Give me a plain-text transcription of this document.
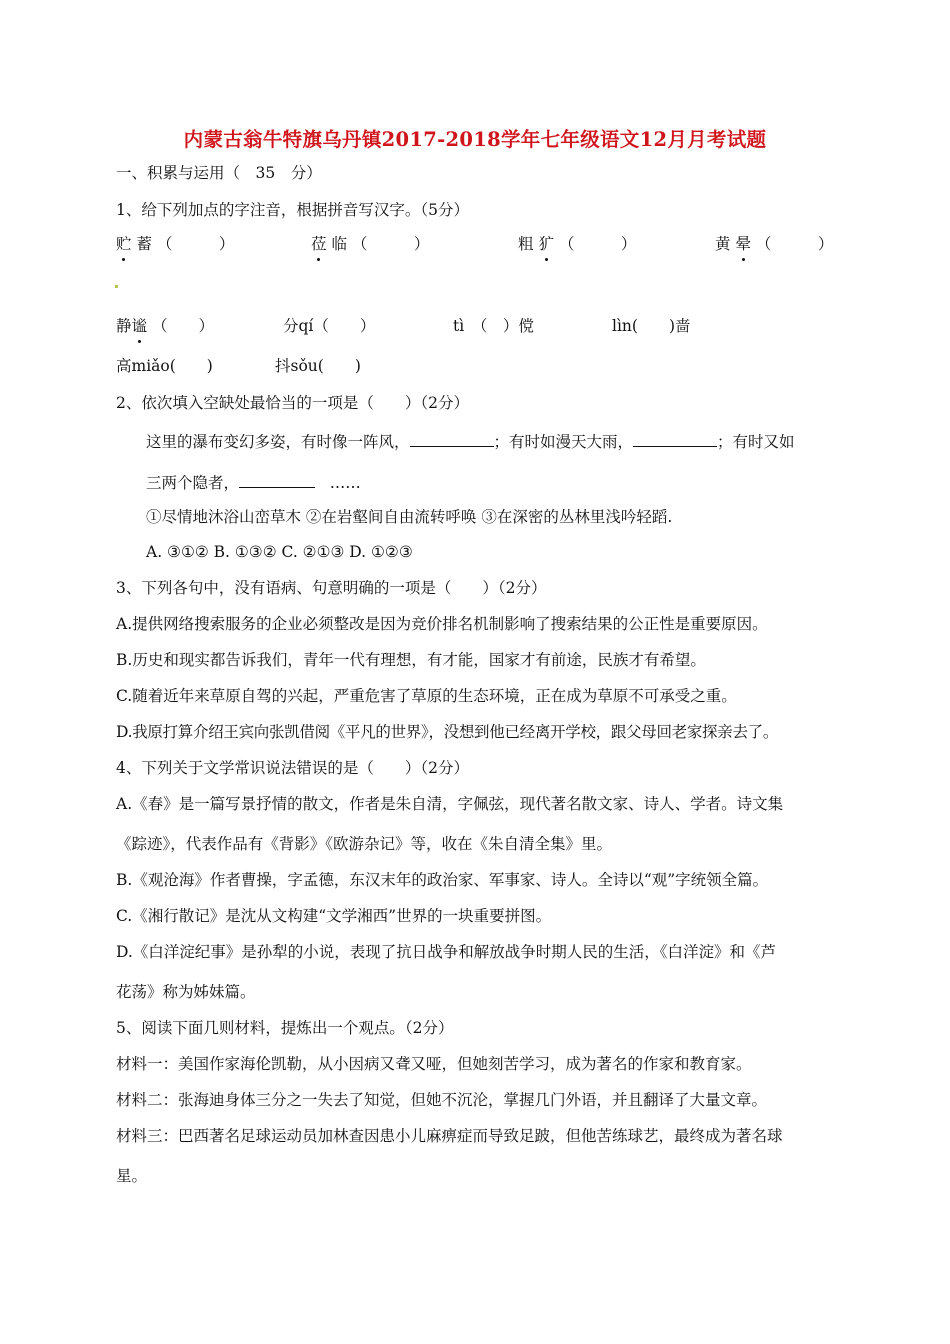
内蒙古翁牛特旗乌丹镇2017-2018学年七年级语文12月月考试题
一、积累与运用（　35　分）
1、给下列加点的字注音，根据拼音写汉字。（5分）
贮 蓄 （　　　）	莅 临 （　　　）	粗 犷 （　　　）	黄 晕 （　　　）
静谧 （　　）	分qí（　　）	tì　（　）傥	lìn(　　)啬
高miǎo(　　)	抖sǒu(　　)
2、依次填入空缺处最恰当的一项是（　　）（2分）
这里的瀑布变幻多姿，有时像一阵风，	；有时如漫天大雨，	；有时又如
三两个隐者，	……
①尽情地沐浴山峦草木 ②在岩壑间自由流转呼唤 ③在深密的丛林里浅吟轻蹈.
A. ③①② B. ①③② C. ②①③ D. ①②③
3、下列各句中，没有语病、句意明确的一项是（　　）（2分）
A.提供网络搜索服务的企业必须整改是因为竞价排名机制影响了搜索结果的公正性是重要原因。
B.历史和现实都告诉我们，青年一代有理想，有才能，国家才有前途，民族才有希望。
C.随着近年来草原自驾的兴起，严重危害了草原的生态环境，正在成为草原不可承受之重。
D.我原打算介绍王宾向张凯借阅《平凡的世界》，没想到他已经离开学校，跟父母回老家探亲去了。
4、下列关于文学常识说法错误的是（　　）（2分）
A.《春》是一篇写景抒情的散文，作者是朱自清，字佩弦，现代著名散文家、诗人、学者。诗文集
《踪迹》，代表作品有《背影》《欧游杂记》等，收在《朱自清全集》里。
B.《观沧海》作者曹操，字孟德，东汉末年的政治家、军事家、诗人。全诗以“观”字统领全篇。
C.《湘行散记》是沈从文构建“文学湘西”世界的一块重要拼图。
D.《白洋淀纪事》是孙犁的小说，表现了抗日战争和解放战争时期人民的生活，《白洋淀》和《芦
花荡》称为姊妹篇。
5、阅读下面几则材料，提炼出一个观点。（2分）
材料一：美国作家海伦凯勒，从小因病又聋又哑，但她刻苦学习，成为著名的作家和教育家。
材料二：张海迪身体三分之一失去了知觉，但她不沉沦，掌握几门外语，并且翻译了大量文章。
材料三：巴西著名足球运动员加林查因患小儿麻痹症而导致足跛，但他苦练球艺，最终成为著名球
星。
